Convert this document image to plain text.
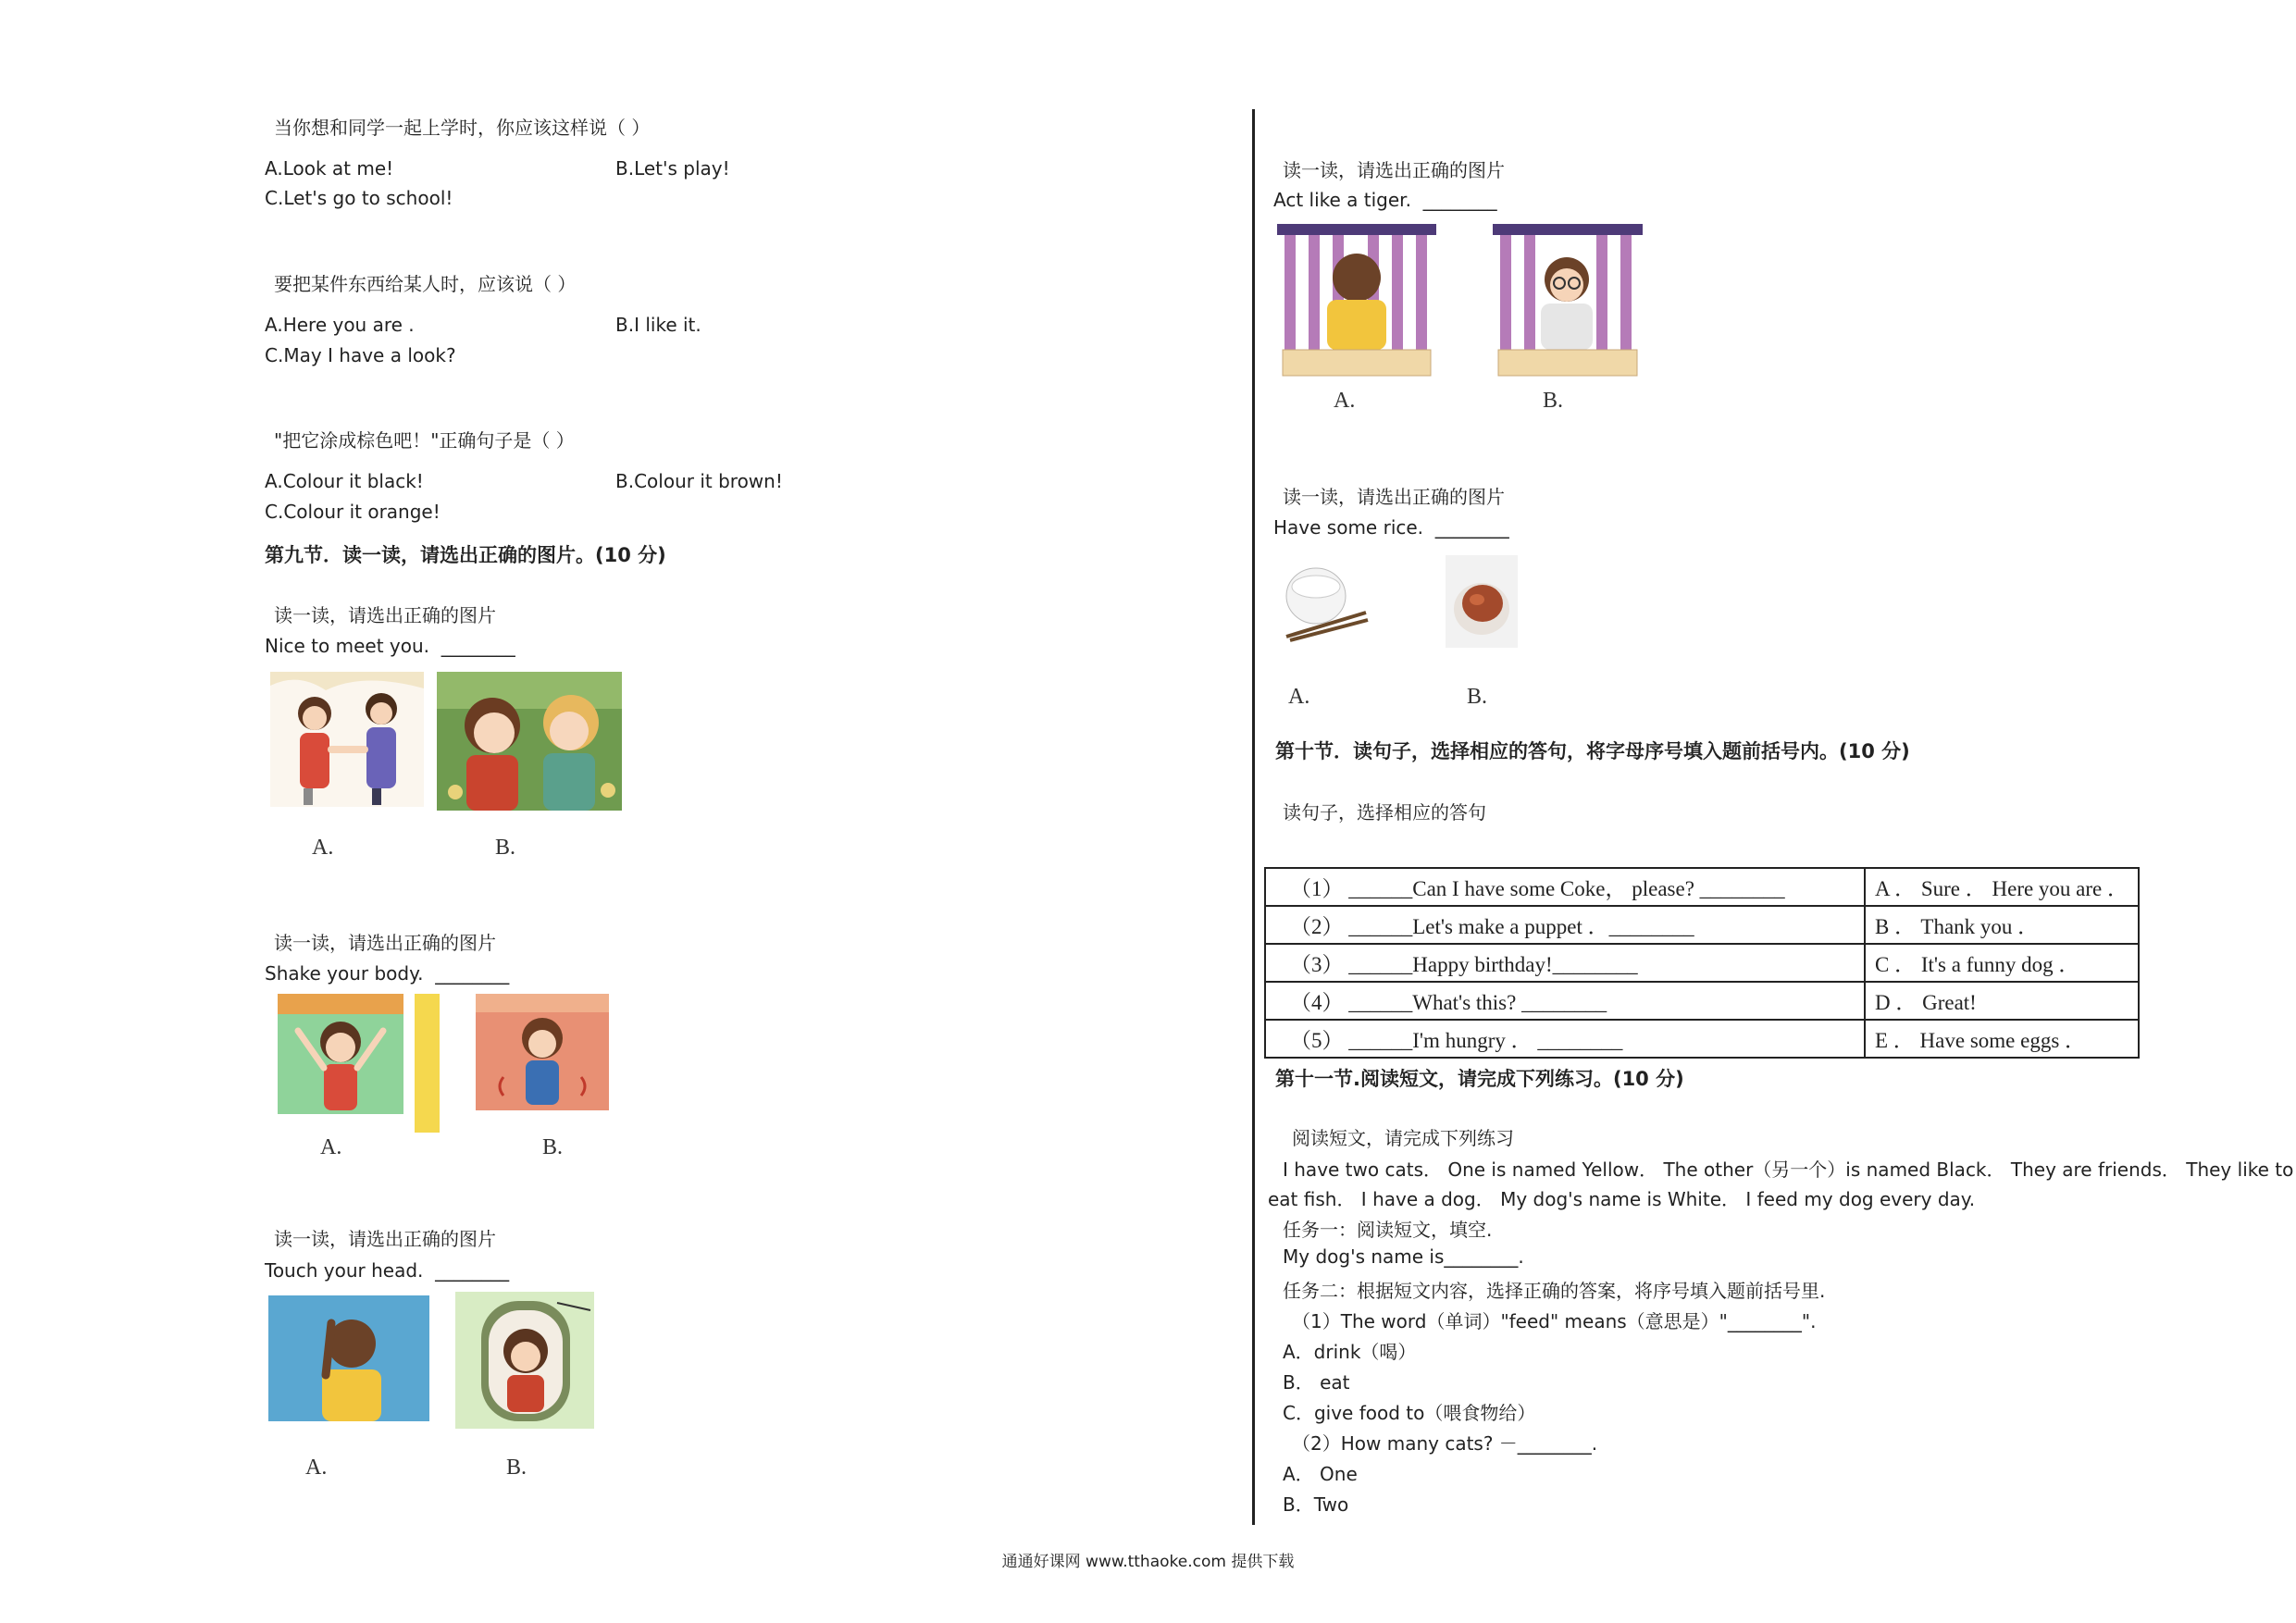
当你想和同学一起上学时，你应该这样说（ ）
A.Look at me!	B.Let's play!
C.Let's go to school!
要把某件东西给某人时，应该说（ ）
A.Here you are .	B.I like it.
C.May I have a look?
"把它涂成棕色吧！"正确句子是（ ）
A.Colour it black!	B.Colour it brown!
C.Colour it orange!
第九节．读一读，请选出正确的图片。(10 分)
读一读，请选出正确的图片
Nice to meet you. ________
A.	B.
读一读，请选出正确的图片
Shake your body. ________
A.	B.
读一读，请选出正确的图片
Touch your head. ________
A.	B.
读一读，请选出正确的图片
Act like a tiger. ________
A.	B.
读一读，请选出正确的图片
Have some rice. ________
A.	B.
第十节．读句子，选择相应的答句，将字母序号填入题前括号内。(10 分)
读句子，选择相应的答句
（1） ______Can I have some Coke， please? ________	A ． Sure ． Here you are ．
（2） ______Let's make a puppet ．________	B ． Thank you ．
（3） ______Happy birthday!________	C ． It's a funny dog ．
（4） ______What's this? ________	D ． Great!
（5） ______I'm hungry ． ________	E ． Have some eggs ．
第十一节.阅读短文，请完成下列练习。(10 分)
阅读短文，请完成下列练习
I have two cats． One is named Yellow． The other（另一个）is named Black． They are friends． They like to
eat fish． I have a dog． My dog's name is White． I feed my dog every day.
任务一：阅读短文，填空.
My dog's name is________.
任务二：根据短文内容，选择正确的答案，将序号填入题前括号里.
（1）The word（单词）"feed" means（意思是）"________".
A．drink（喝）
B． eat
C．give food to（喂食物给）
（2）How many cats? －________.
A． One
B．Two
通通好课网 www.tthaoke.com 提供下载
